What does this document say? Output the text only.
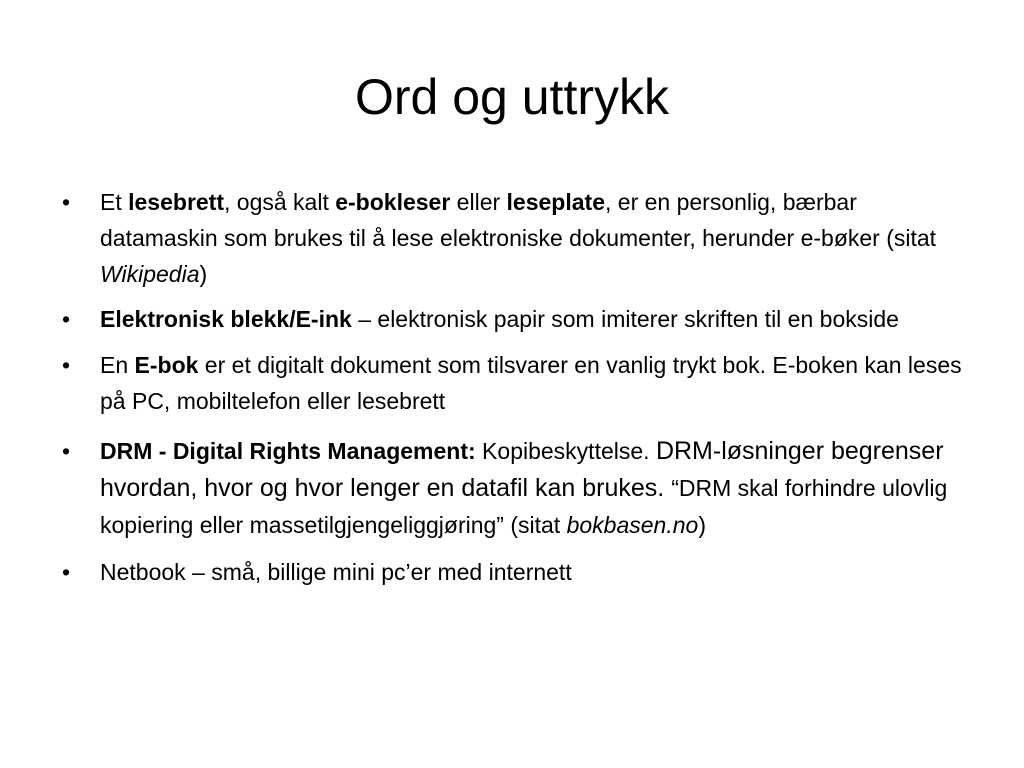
Ord og uttrykk
•	Et lesebrett, også kalt e-bokleser eller leseplate, er en personlig, bærbar datamaskin som brukes til å lese elektroniske dokumenter, herunder e-bøker (sitat Wikipedia)
•	Elektronisk blekk/E-ink – elektronisk papir som imiterer skriften til en bokside
•	En E-bok er et digitalt dokument som tilsvarer en vanlig trykt bok. E-boken kan leses på PC, mobiltelefon eller lesebrett
•	DRM - Digital Rights Management: Kopibeskyttelse. DRM-løsninger begrenser hvordan, hvor og hvor lenger en datafil kan brukes. “DRM skal forhindre ulovlig kopiering eller massetilgjengeliggjøring” (sitat bokbasen.no)
•	Netbook – små, billige mini pc’er med internett
